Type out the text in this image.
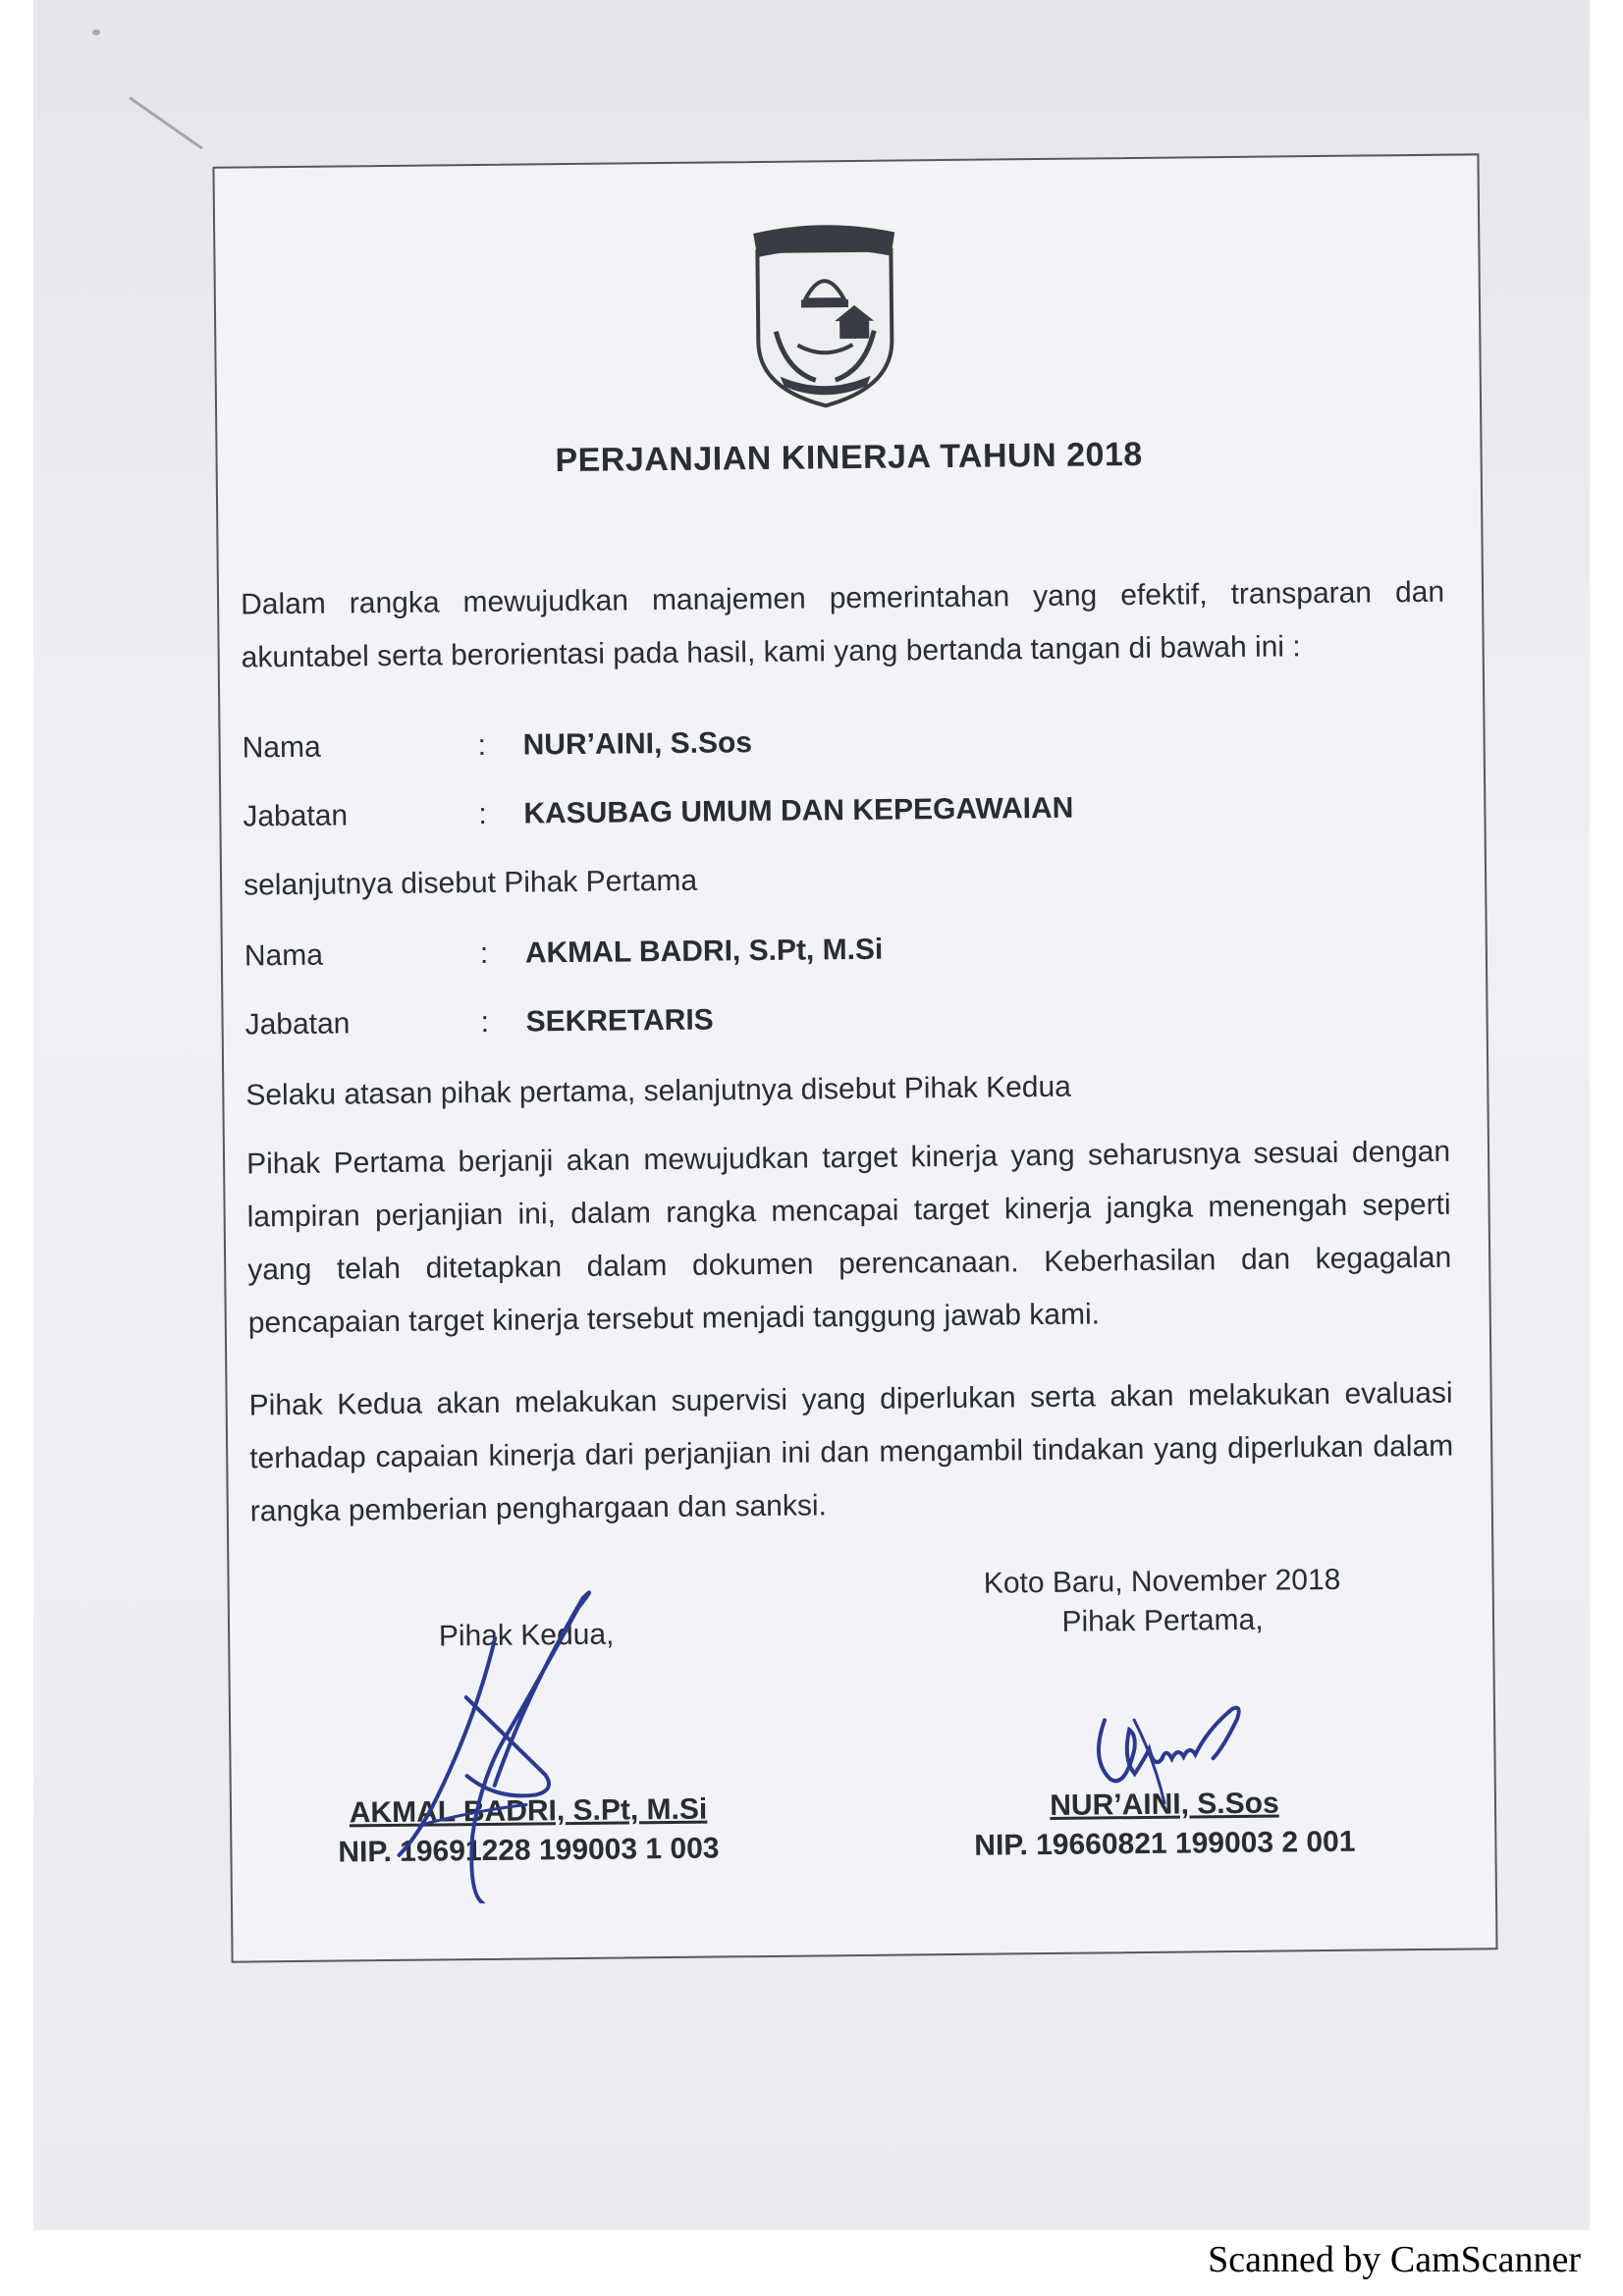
PERJANJIAN KINERJA TAHUN 2018
Dalam rangka mewujudkan manajemen pemerintahan yang efektif, transparan dan akuntabel serta berorientasi pada hasil, kami yang bertanda tangan di bawah ini :
Nama	: NUR’AINI, S.Sos
Jabatan	: KASUBAG UMUM DAN KEPEGAWAIAN
selanjutnya disebut Pihak Pertama
Nama	: AKMAL BADRI, S.Pt, M.Si
Jabatan	: SEKRETARIS
Selaku atasan pihak pertama, selanjutnya disebut Pihak Kedua
Pihak Pertama berjanji akan mewujudkan target kinerja yang seharusnya sesuai dengan lampiran perjanjian ini, dalam rangka mencapai target kinerja jangka menengah seperti yang telah ditetapkan dalam dokumen perencanaan. Keberhasilan dan kegagalan pencapaian target kinerja tersebut menjadi tanggung jawab kami.
Pihak Kedua akan melakukan supervisi yang diperlukan serta akan melakukan evaluasi terhadap capaian kinerja dari perjanjian ini dan mengambil tindakan yang diperlukan dalam rangka pemberian penghargaan dan sanksi.
Pihak Kedua,
Koto Baru, November 2018
Pihak Pertama,
AKMAL BADRI, S.Pt, M.Si
NIP. 19691228 199003 1 003
NUR’AINI, S.Sos
NIP. 19660821 199003 2 001
Scanned by CamScanner
